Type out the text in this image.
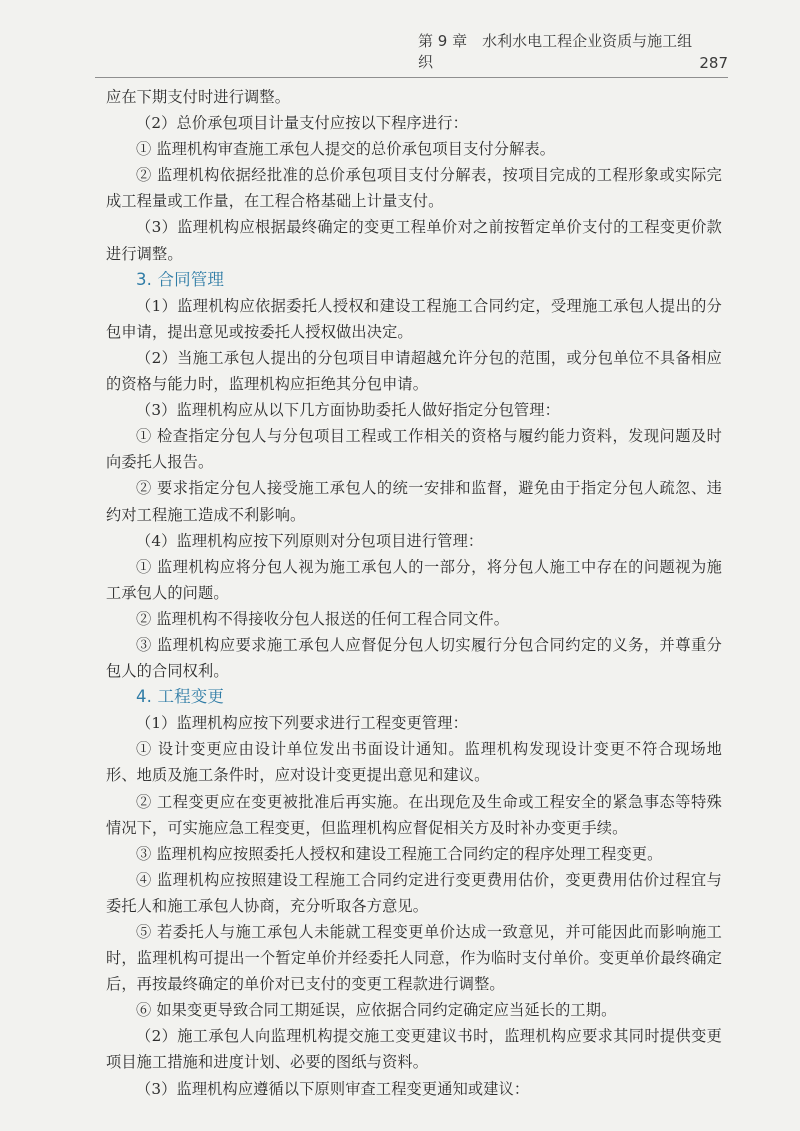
第 9 章　水利水电工程企业资质与施工组织	287

应在下期支付时进行调整。

（2）总价承包项目计量支付应按以下程序进行：

① 监理机构审查施工承包人提交的总价承包项目支付分解表。

② 监理机构依据经批准的总价承包项目支付分解表，按项目完成的工程形象或实际完成工程量或工作量，在工程合格基础上计量支付。

（3）监理机构应根据最终确定的变更工程单价对之前按暂定单价支付的工程变更价款进行调整。

3. 合同管理

（1）监理机构应依据委托人授权和建设工程施工合同约定，受理施工承包人提出的分包申请，提出意见或按委托人授权做出决定。

（2）当施工承包人提出的分包项目申请超越允许分包的范围，或分包单位不具备相应的资格与能力时，监理机构应拒绝其分包申请。

（3）监理机构应从以下几方面协助委托人做好指定分包管理：

① 检查指定分包人与分包项目工程或工作相关的资格与履约能力资料，发现问题及时向委托人报告。

② 要求指定分包人接受施工承包人的统一安排和监督，避免由于指定分包人疏忽、违约对工程施工造成不利影响。

（4）监理机构应按下列原则对分包项目进行管理：

① 监理机构应将分包人视为施工承包人的一部分，将分包人施工中存在的问题视为施工承包人的问题。

② 监理机构不得接收分包人报送的任何工程合同文件。

③ 监理机构应要求施工承包人应督促分包人切实履行分包合同约定的义务，并尊重分包人的合同权利。

4. 工程变更

（1）监理机构应按下列要求进行工程变更管理：

① 设计变更应由设计单位发出书面设计通知。监理机构发现设计变更不符合现场地形、地质及施工条件时，应对设计变更提出意见和建议。

② 工程变更应在变更被批准后再实施。在出现危及生命或工程安全的紧急事态等特殊情况下，可实施应急工程变更，但监理机构应督促相关方及时补办变更手续。

③ 监理机构应按照委托人授权和建设工程施工合同约定的程序处理工程变更。

④ 监理机构应按照建设工程施工合同约定进行变更费用估价，变更费用估价过程宜与委托人和施工承包人协商，充分听取各方意见。

⑤ 若委托人与施工承包人未能就工程变更单价达成一致意见，并可能因此而影响施工时，监理机构可提出一个暂定单价并经委托人同意，作为临时支付单价。变更单价最终确定后，再按最终确定的单价对已支付的变更工程款进行调整。

⑥ 如果变更导致合同工期延误，应依据合同约定确定应当延长的工期。

（2）施工承包人向监理机构提交施工变更建议书时，监理机构应要求其同时提供变更项目施工措施和进度计划、必要的图纸与资料。

（3）监理机构应遵循以下原则审查工程变更通知或建议：
